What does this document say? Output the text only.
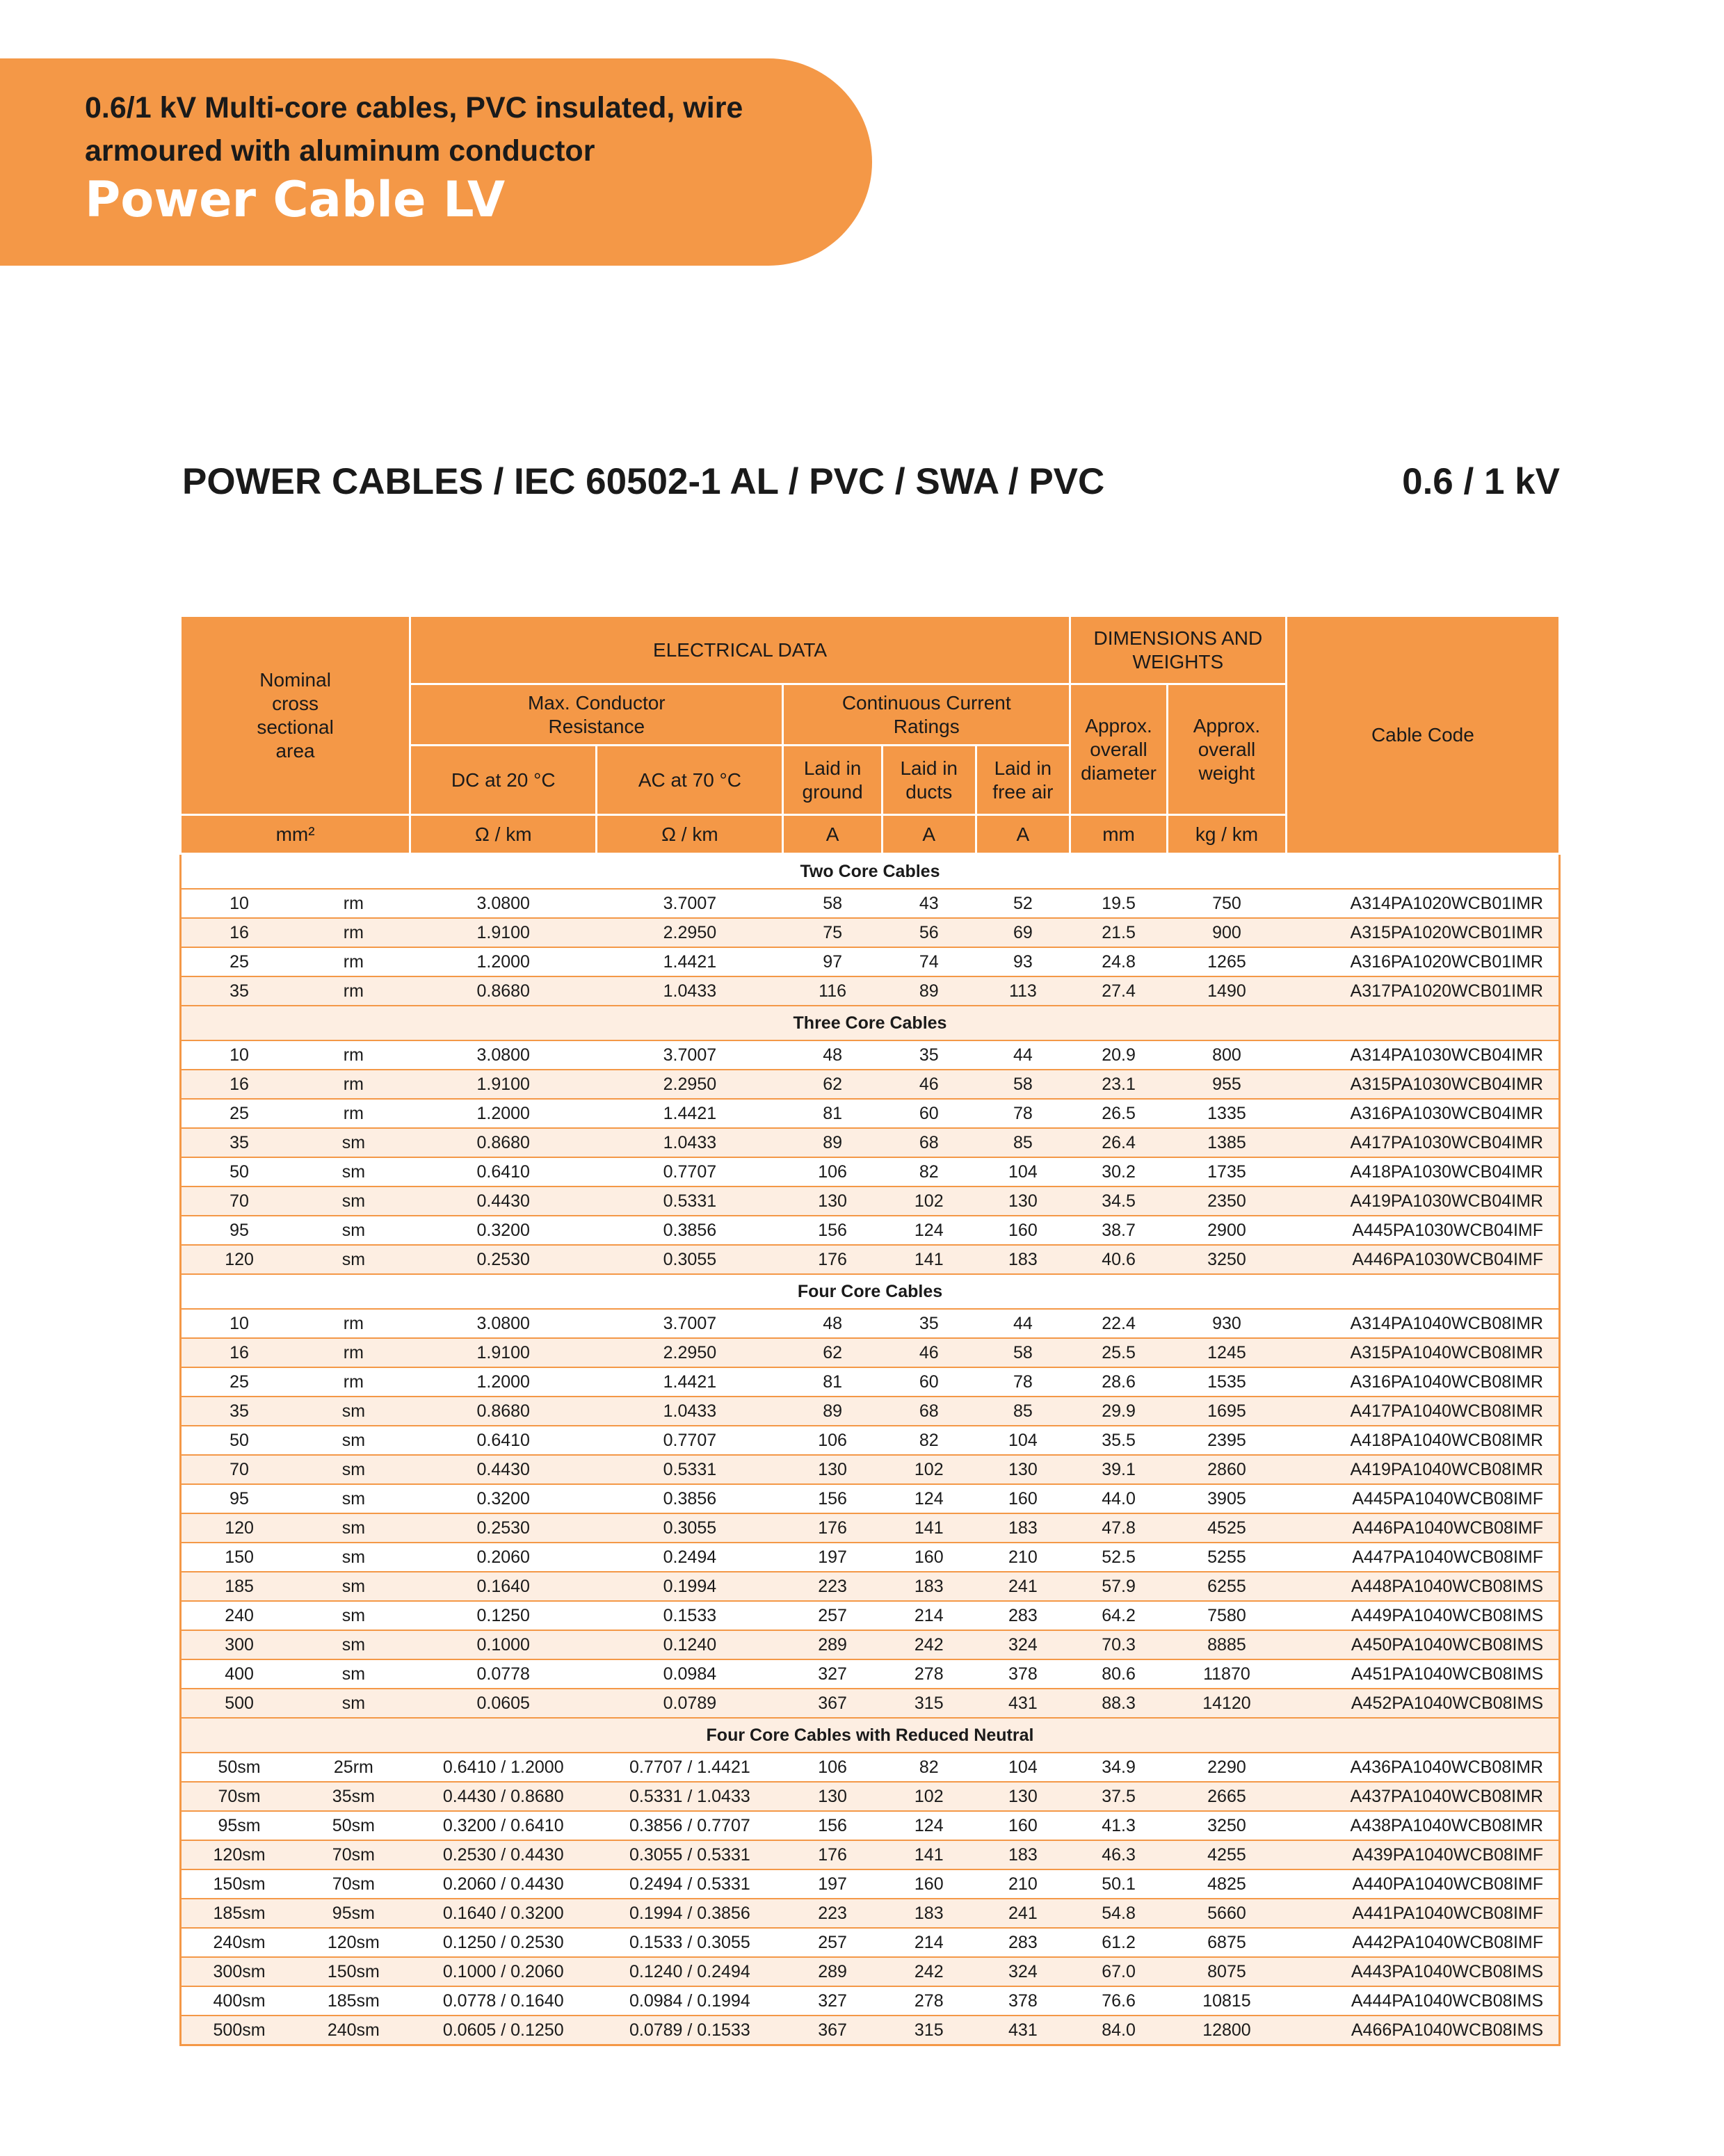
0.6/1 kV Multi-core cables, PVC insulated, wire armoured with aluminum conductor
Power Cable LV
POWER CABLES / IEC 60502-1 AL / PVC / SWA / PVC	0.6 / 1 kV
Nominal cross sectional area		ELECTRICAL DATA					DIMENSIONS AND WEIGHTS		Cable Code
		Max. Conductor Resistance		Continuous Current Ratings			Approx. overall diameter	Approx. overall weight	
		DC at 20 °C	AC at 70 °C	Laid in ground	Laid in ducts	Laid in free air			
mm²		Ω / km	Ω / km	A	A	A	mm	kg / km	
Two Core Cables									
10	rm	3.0800	3.7007	58	43	52	19.5	750	A314PA1020WCB01IMR
16	rm	1.9100	2.2950	75	56	69	21.5	900	A315PA1020WCB01IMR
25	rm	1.2000	1.4421	97	74	93	24.8	1265	A316PA1020WCB01IMR
35	rm	0.8680	1.0433	116	89	113	27.4	1490	A317PA1020WCB01IMR
Three Core Cables									
10	rm	3.0800	3.7007	48	35	44	20.9	800	A314PA1030WCB04IMR
16	rm	1.9100	2.2950	62	46	58	23.1	955	A315PA1030WCB04IMR
25	rm	1.2000	1.4421	81	60	78	26.5	1335	A316PA1030WCB04IMR
35	sm	0.8680	1.0433	89	68	85	26.4	1385	A417PA1030WCB04IMR
50	sm	0.6410	0.7707	106	82	104	30.2	1735	A418PA1030WCB04IMR
70	sm	0.4430	0.5331	130	102	130	34.5	2350	A419PA1030WCB04IMR
95	sm	0.3200	0.3856	156	124	160	38.7	2900	A445PA1030WCB04IMF
120	sm	0.2530	0.3055	176	141	183	40.6	3250	A446PA1030WCB04IMF
Four Core Cables									
10	rm	3.0800	3.7007	48	35	44	22.4	930	A314PA1040WCB08IMR
16	rm	1.9100	2.2950	62	46	58	25.5	1245	A315PA1040WCB08IMR
25	rm	1.2000	1.4421	81	60	78	28.6	1535	A316PA1040WCB08IMR
35	sm	0.8680	1.0433	89	68	85	29.9	1695	A417PA1040WCB08IMR
50	sm	0.6410	0.7707	106	82	104	35.5	2395	A418PA1040WCB08IMR
70	sm	0.4430	0.5331	130	102	130	39.1	2860	A419PA1040WCB08IMR
95	sm	0.3200	0.3856	156	124	160	44.0	3905	A445PA1040WCB08IMF
120	sm	0.2530	0.3055	176	141	183	47.8	4525	A446PA1040WCB08IMF
150	sm	0.2060	0.2494	197	160	210	52.5	5255	A447PA1040WCB08IMF
185	sm	0.1640	0.1994	223	183	241	57.9	6255	A448PA1040WCB08IMS
240	sm	0.1250	0.1533	257	214	283	64.2	7580	A449PA1040WCB08IMS
300	sm	0.1000	0.1240	289	242	324	70.3	8885	A450PA1040WCB08IMS
400	sm	0.0778	0.0984	327	278	378	80.6	11870	A451PA1040WCB08IMS
500	sm	0.0605	0.0789	367	315	431	88.3	14120	A452PA1040WCB08IMS
Four Core Cables with Reduced Neutral									
50sm	25rm	0.6410 / 1.2000	0.7707 / 1.4421	106	82	104	34.9	2290	A436PA1040WCB08IMR
70sm	35sm	0.4430 / 0.8680	0.5331 / 1.0433	130	102	130	37.5	2665	A437PA1040WCB08IMR
95sm	50sm	0.3200 / 0.6410	0.3856 / 0.7707	156	124	160	41.3	3250	A438PA1040WCB08IMR
120sm	70sm	0.2530 / 0.4430	0.3055 / 0.5331	176	141	183	46.3	4255	A439PA1040WCB08IMF
150sm	70sm	0.2060 / 0.4430	0.2494 / 0.5331	197	160	210	50.1	4825	A440PA1040WCB08IMF
185sm	95sm	0.1640 / 0.3200	0.1994 / 0.3856	223	183	241	54.8	5660	A441PA1040WCB08IMF
240sm	120sm	0.1250 / 0.2530	0.1533 / 0.3055	257	214	283	61.2	6875	A442PA1040WCB08IMF
300sm	150sm	0.1000 / 0.2060	0.1240 / 0.2494	289	242	324	67.0	8075	A443PA1040WCB08IMS
400sm	185sm	0.0778 / 0.1640	0.0984 / 0.1994	327	278	378	76.6	10815	A444PA1040WCB08IMS
500sm	240sm	0.0605 / 0.1250	0.0789 / 0.1533	367	315	431	84.0	12800	A466PA1040WCB08IMS
